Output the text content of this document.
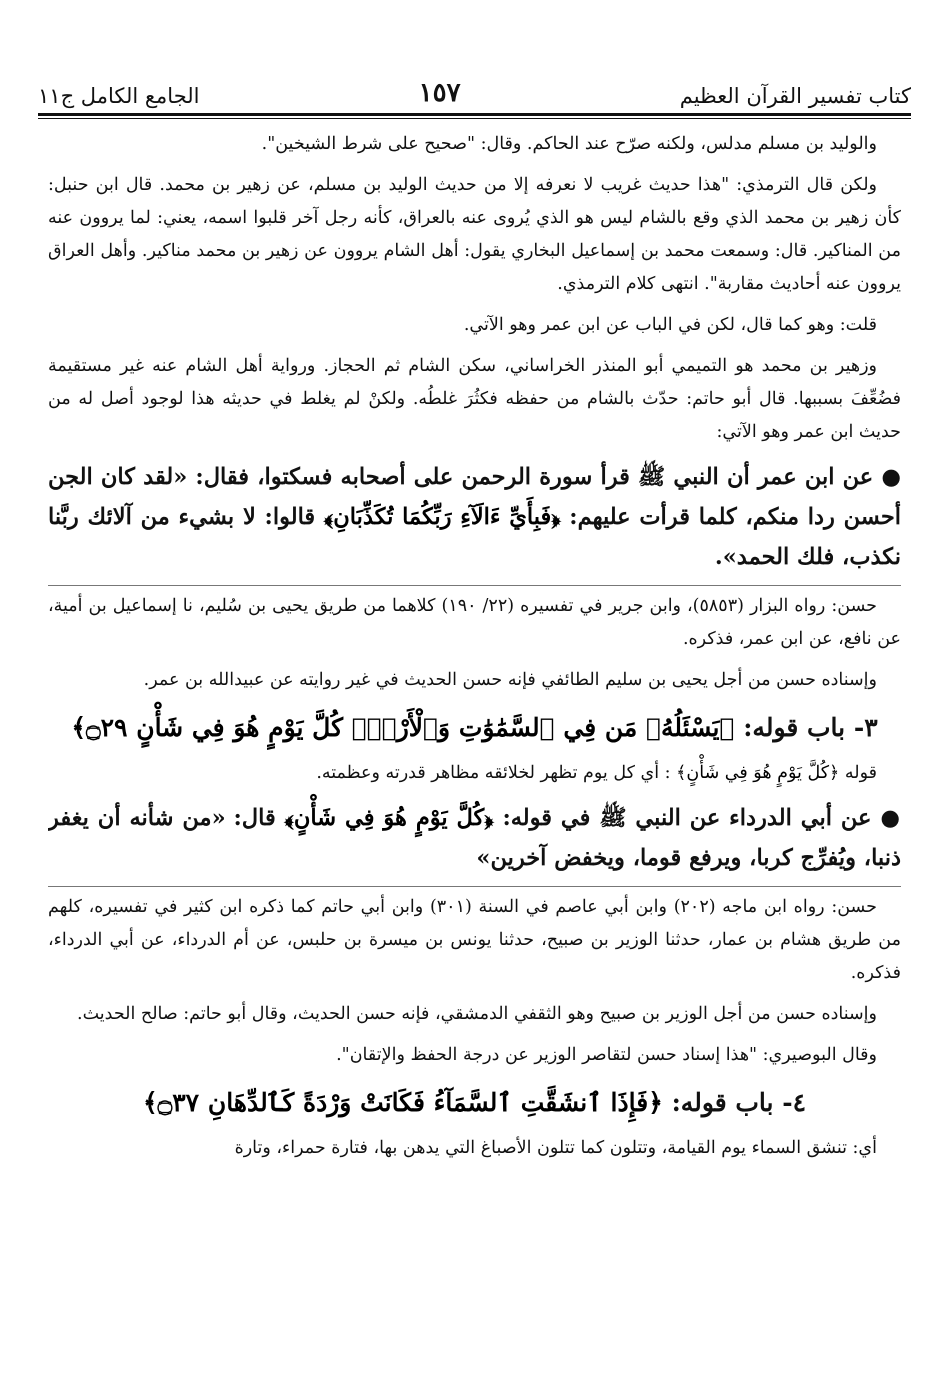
كتاب تفسير القرآن العظيم
١٥٧
الجامع الكامل ج١١

والوليد بن مسلم مدلس، ولكنه صرّح عند الحاكم. وقال: "صحيح على شرط الشيخين".

ولكن قال الترمذي: "هذا حديث غريب لا نعرفه إلا من حديث الوليد بن مسلم، عن زهير بن محمد. قال ابن حنبل: كأن زهير بن محمد الذي وقع بالشام ليس هو الذي يُروى عنه بالعراق، كأنه رجل آخر قلبوا اسمه، يعني: لما يروون عنه من المناكير. قال: وسمعت محمد بن إسماعيل البخاري يقول: أهل الشام يروون عن زهير بن محمد مناكير. وأهل العراق يروون عنه أحاديث مقاربة". انتهى كلام الترمذي.

قلت: وهو كما قال، لكن في الباب عن ابن عمر وهو الآتي.

وزهير بن محمد هو التميمي أبو المنذر الخراساني، سكن الشام ثم الحجاز. ورواية أهل الشام عنه غير مستقيمة فضُعِّفَ بسببها. قال أبو حاتم: حدّث بالشام من حفظه فكثُرَ غلطُه. ولكنْ لم يغلط في حديثه هذا لوجود أصل له من حديث ابن عمر وهو الآتي:

● عن ابن عمر أن النبي ﷺ قرأ سورة الرحمن على أصحابه فسكتوا، فقال: «لقد كان الجن أحسن ردا منكم، كلما قرأت عليهم: ﴿فَبِأَيِّ ءَالَآءِ رَبِّكُمَا تُكَذِّبَانِ﴾ قالوا: لا بشيء من آلائك ربَّنا نكذب، فلك الحمد».

حسن: رواه البزار (٥٨٥٣)، وابن جرير في تفسيره (٢٢/ ١٩٠) كلاهما من طريق يحيى بن سُليم، نا إسماعيل بن أمية، عن نافع، عن ابن عمر، فذكره.

وإسناده حسن من أجل يحيى بن سليم الطائفي فإنه حسن الحديث في غير روايته عن عبيدالله بن عمر.

٣- باب قوله: ﴿يَسْئَلُهُۥ مَن فِي ٱلسَّمَٰوَٰتِ وَٱلْأَرْضِۚ كُلَّ يَوْمٍ هُوَ فِي شَأْنٍ ۝٢٩﴾

قوله ﴿كُلَّ يَوْمٍ هُوَ فِي شَأْنٍ﴾ : أي كل يوم تظهر لخلائقه مظاهر قدرته وعظمته.

● عن أبي الدرداء عن النبي ﷺ في قوله: ﴿كُلَّ يَوْمٍ هُوَ فِي شَأْنٍ﴾ قال: «من شأنه أن يغفر ذنبا، ويُفرِّج كربا، ويرفع قوما، ويخفض آخرين»

حسن: رواه ابن ماجه (٢٠٢) وابن أبي عاصم في السنة (٣٠١) وابن أبي حاتم كما ذكره ابن كثير في تفسيره، كلهم من طريق هشام بن عمار، حدثنا الوزير بن صبيح، حدثنا يونس بن ميسرة بن حلبس، عن أم الدرداء، عن أبي الدرداء، فذكره.

وإسناده حسن من أجل الوزير بن صبيح وهو الثقفي الدمشقي، فإنه حسن الحديث، وقال أبو حاتم: صالح الحديث.

وقال البوصيري: "هذا إسناد حسن لتقاصر الوزير عن درجة الحفظ والإتقان".

٤- باب قوله: ﴿فَإِذَا ٱنشَقَّتِ ٱلسَّمَآءُ فَكَانَتْ وَرْدَةً كَٱلدِّهَانِ ۝٣٧﴾

أي: تنشق السماء يوم القيامة، وتتلون كما تتلون الأصباغ التي يدهن بها، فتارة حمراء، وتارة
